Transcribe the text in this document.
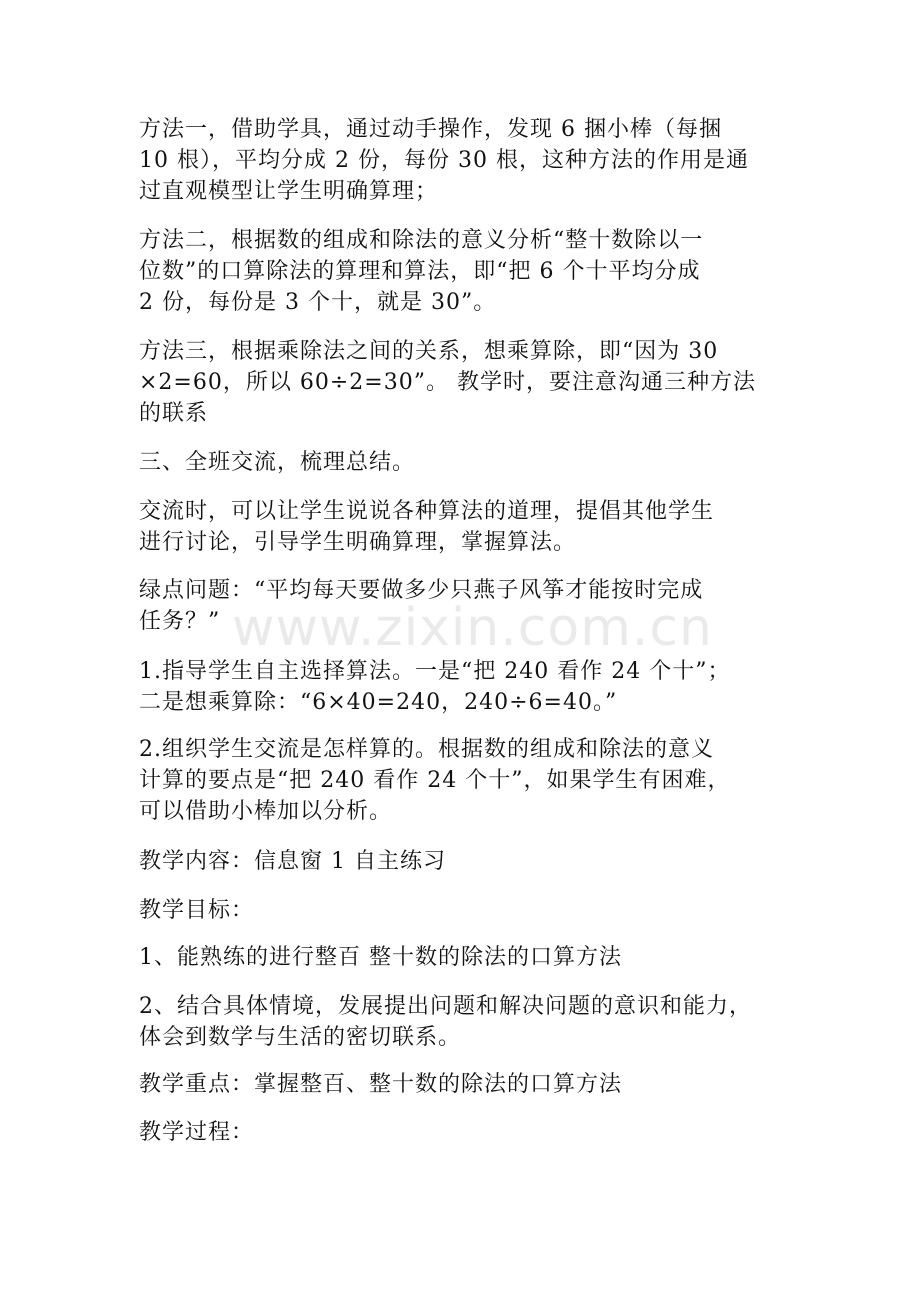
方法一，借助学具，通过动手操作，发现 6 捆小棒（每捆
10 根），平均分成 2 份，每份 30 根，这种方法的作用是通
过直观模型让学生明确算理；
方法二，根据数的组成和除法的意义分析“整十数除以一
位数”的口算除法的算理和算法，即“把 6 个十平均分成
2 份，每份是 3 个十，就是 30”。
方法三，根据乘除法之间的关系，想乘算除，即“因为 30
×2=60，所以 60÷2=30”。 教学时，要注意沟通三种方法
的联系
三、全班交流，梳理总结。
交流时，可以让学生说说各种算法的道理，提倡其他学生
进行讨论，引导学生明确算理，掌握算法。
绿点问题：“平均每天要做多少只燕子风筝才能按时完成
任务？”
1.指导学生自主选择算法。一是“把 240 看作 24 个十”；
二是想乘算除：“6×40=240，240÷6=40。”
2.组织学生交流是怎样算的。根据数的组成和除法的意义
计算的要点是“把 240 看作 24 个十”，如果学生有困难，
可以借助小棒加以分析。
教学内容：信息窗 1 自主练习
教学目标：
1、能熟练的进行整百 整十数的除法的口算方法
2、结合具体情境，发展提出问题和解决问题的意识和能力，
体会到数学与生活的密切联系。
教学重点：掌握整百、整十数的除法的口算方法
教学过程：
www.zixin.com.cn
